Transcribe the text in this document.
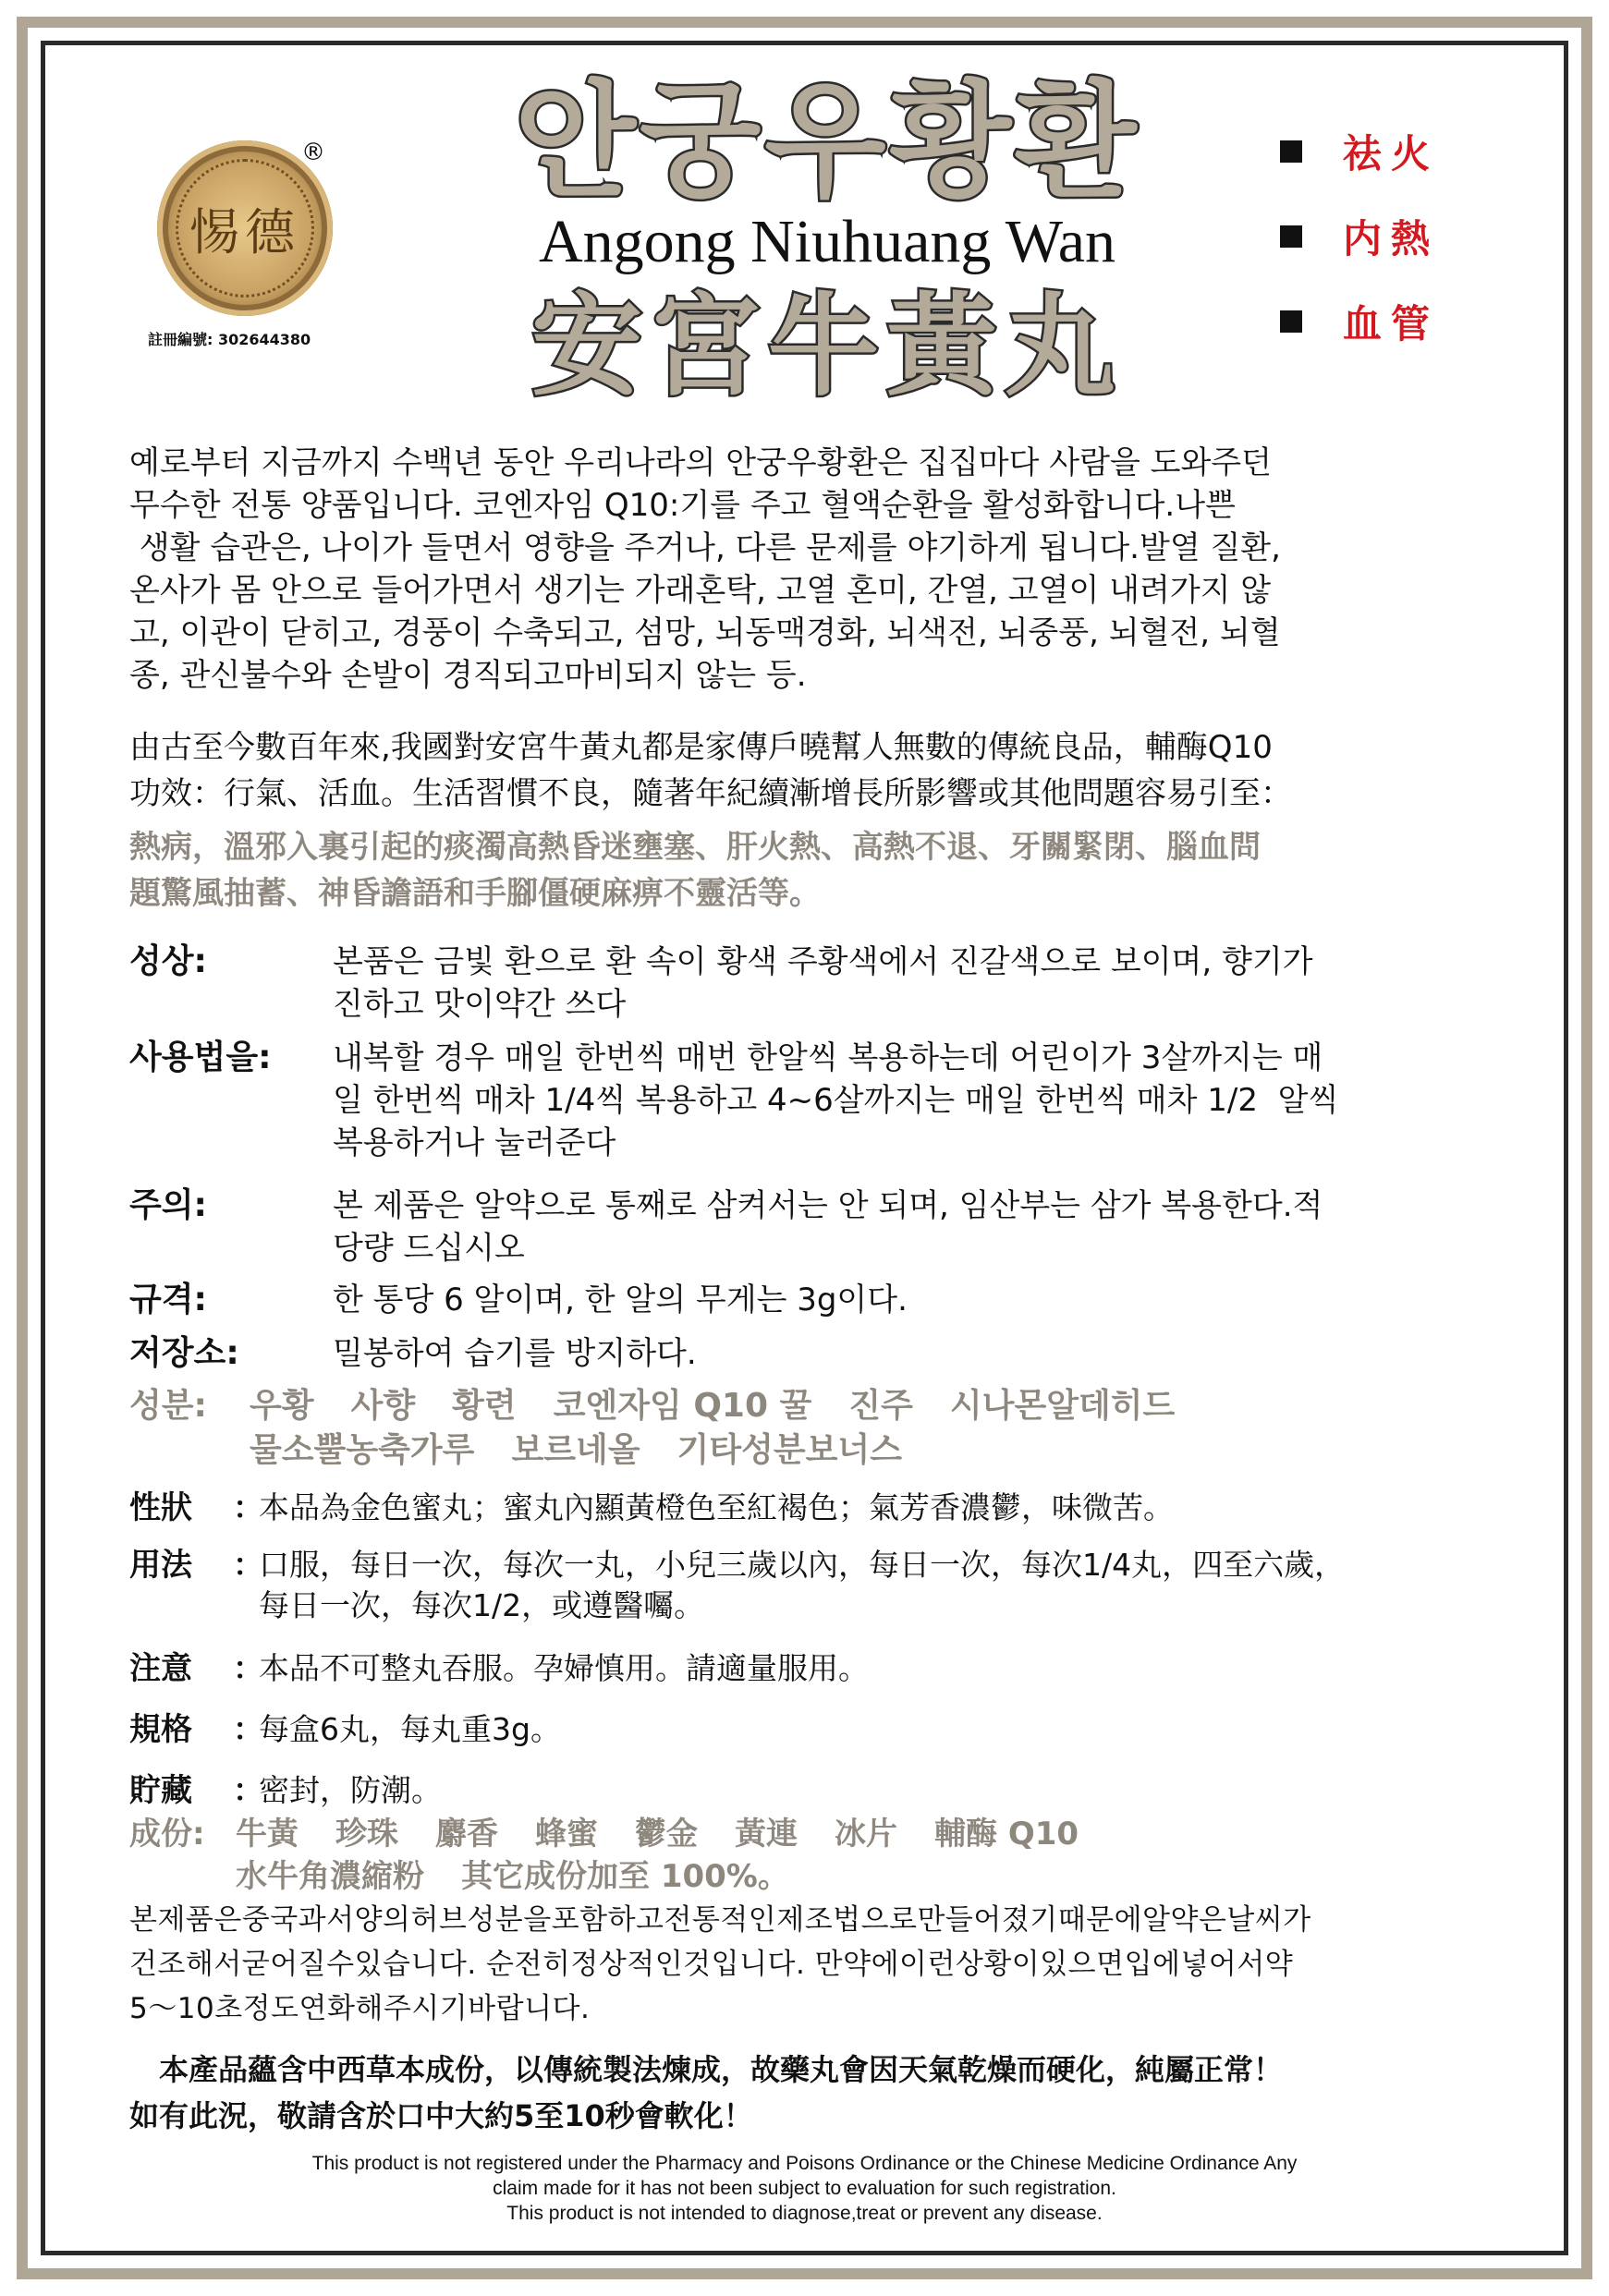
惕德
®
註冊編號: 302644380
안궁우황환
Angong Niuhuang Wan
安宮牛黃丸
祛火
内熱
血管
예로부터 지금까지 수백년 동안 우리나라의 안궁우황환은 집집마다 사람을 도와주던
무수한 전통 양품입니다. 코엔자임 Q10:기를 주고 혈액순환을 활성화합니다.나쁜
생활 습관은, 나이가 들면서 영향을 주거나, 다른 문제를 야기하게 됩니다.발열 질환,
온사가 몸 안으로 들어가면서 생기는 가래혼탁, 고열 혼미, 간열, 고열이 내려가지 않
고, 이관이 닫히고, 경풍이 수축되고, 섬망, 뇌동맥경화, 뇌색전, 뇌중풍, 뇌혈전, 뇌혈
종, 관신불수와 손발이 경직되고마비되지 않는 등.
由古至今數百年來,我國對安宮牛黃丸都是家傳戶曉幫人無數的傳統良品，輔酶Q10
功效：行氣、活血。生活習慣不良，隨著年紀續漸增長所影響或其他問題容易引至：
熱病，溫邪入裏引起的痰濁高熱昏迷壅塞、肝火熱、高熱不退、牙關緊閉、腦血問
題驚風抽蓄、神昏譫語和手腳僵硬麻痹不靈活等。
성상:	본품은 금빛 환으로 환 속이 황색 주황색에서 진갈색으로 보이며, 향기가
진하고 맛이약간 쓰다
사용법을:	내복할 경우 매일 한번씩 매번 한알씩 복용하는데 어린이가 3살까지는 매
일 한번씩 매차 1/4씩 복용하고 4~6살까지는 매일 한번씩 매차 1/2  알씩
복용하거나 눌러준다
주의:	본 제품은 알약으로 통째로 삼켜서는 안 되며, 임산부는 삼가 복용한다.적
당량 드십시오
규격:	한 통당 6 알이며, 한 알의 무게는 3g이다.
저장소:	밀봉하여 습기를 방지하다.
성분: 우황 사향 황련 코엔자임 Q10 꿀 진주 시나몬알데히드
물소뿔농축가루 보르네올 기타성분보너스
性狀	：
本品為金色蜜丸；蜜丸內顯黃橙色至紅褐色；氣芳香濃鬱，味微苦。
用法	：
口服，每日一次，每次一丸，小兒三歲以內，每日一次，每次1/4丸，四至六歲，
每日一次，每次1/2，或遵醫囑。
注意	：
本品不可整丸吞服。孕婦慎用。請適量服用。
規格	：
每盒6丸，每丸重3g。
貯藏	：
密封，防潮。
成份: 牛黃 珍珠 麝香 蜂蜜 鬱金 黃連 冰片 輔酶 Q10
水牛角濃縮粉 其它成份加至 100%。
본제품은중국과서양의허브성분을포함하고전통적인제조법으로만들어졌기때문에알약은날씨가
건조해서굳어질수있습니다. 순전히정상적인것입니다. 만약에이런상황이있으면입에넣어서약
5～10초정도연화해주시기바랍니다.
　本產品蘊含中西草本成份，以傳統製法煉成，故藥丸會因天氣乾燥而硬化，純屬正常！
如有此況，敬請含於口中大約5至10秒會軟化！
This product is not registered under the Pharmacy and Poisons Ordinance or the Chinese Medicine Ordinance Any
claim made for it has not been subject to evaluation for such registration.
This product is not intended to diagnose,treat or prevent any disease.
